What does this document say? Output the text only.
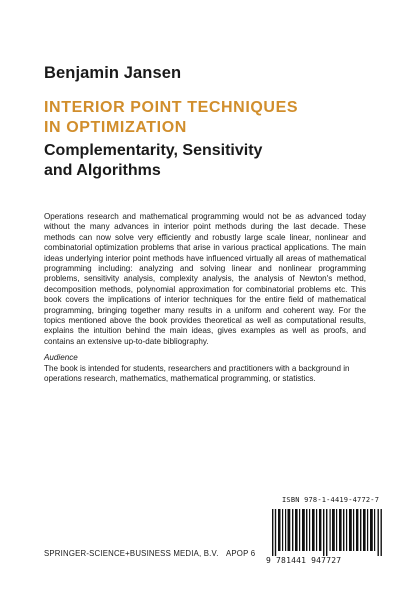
Benjamin Jansen
INTERIOR POINT TECHNIQUES
IN OPTIMIZATION
Complementarity, Sensitivity
and Algorithms

Operations research and mathematical programming would not be as advanced today without the many advances in interior point methods during the last decade. These methods can now solve very efficiently and robustly large scale linear, nonlinear and combinatorial optimization problems that arise in various practical applications. The main ideas underlying interior point methods have influenced virtually all areas of mathematical programming including: analyzing and solving linear and nonlinear programming problems, sensitivity analysis, complexity analysis, the analysis of Newton's method, decomposition methods, polynomial approximation for combinatorial problems etc. This book covers the implications of interior techniques for the entire field of mathematical programming, bringing together many results in a uniform and coherent way. For the topics mentioned above the book provides theoretical as well as computational results, explains the intuition behind the main ideas, gives examples as well as proofs, and contains an extensive up-to-date bibliography.

Audience

The book is intended for students, researchers and practitioners with a background in operations research, mathematics, mathematical programming, or statistics.

ISBN 978-1-4419-4772-7
9 781441 947727
SPRINGER-SCIENCE+BUSINESS MEDIA, B.V. APOP 6
